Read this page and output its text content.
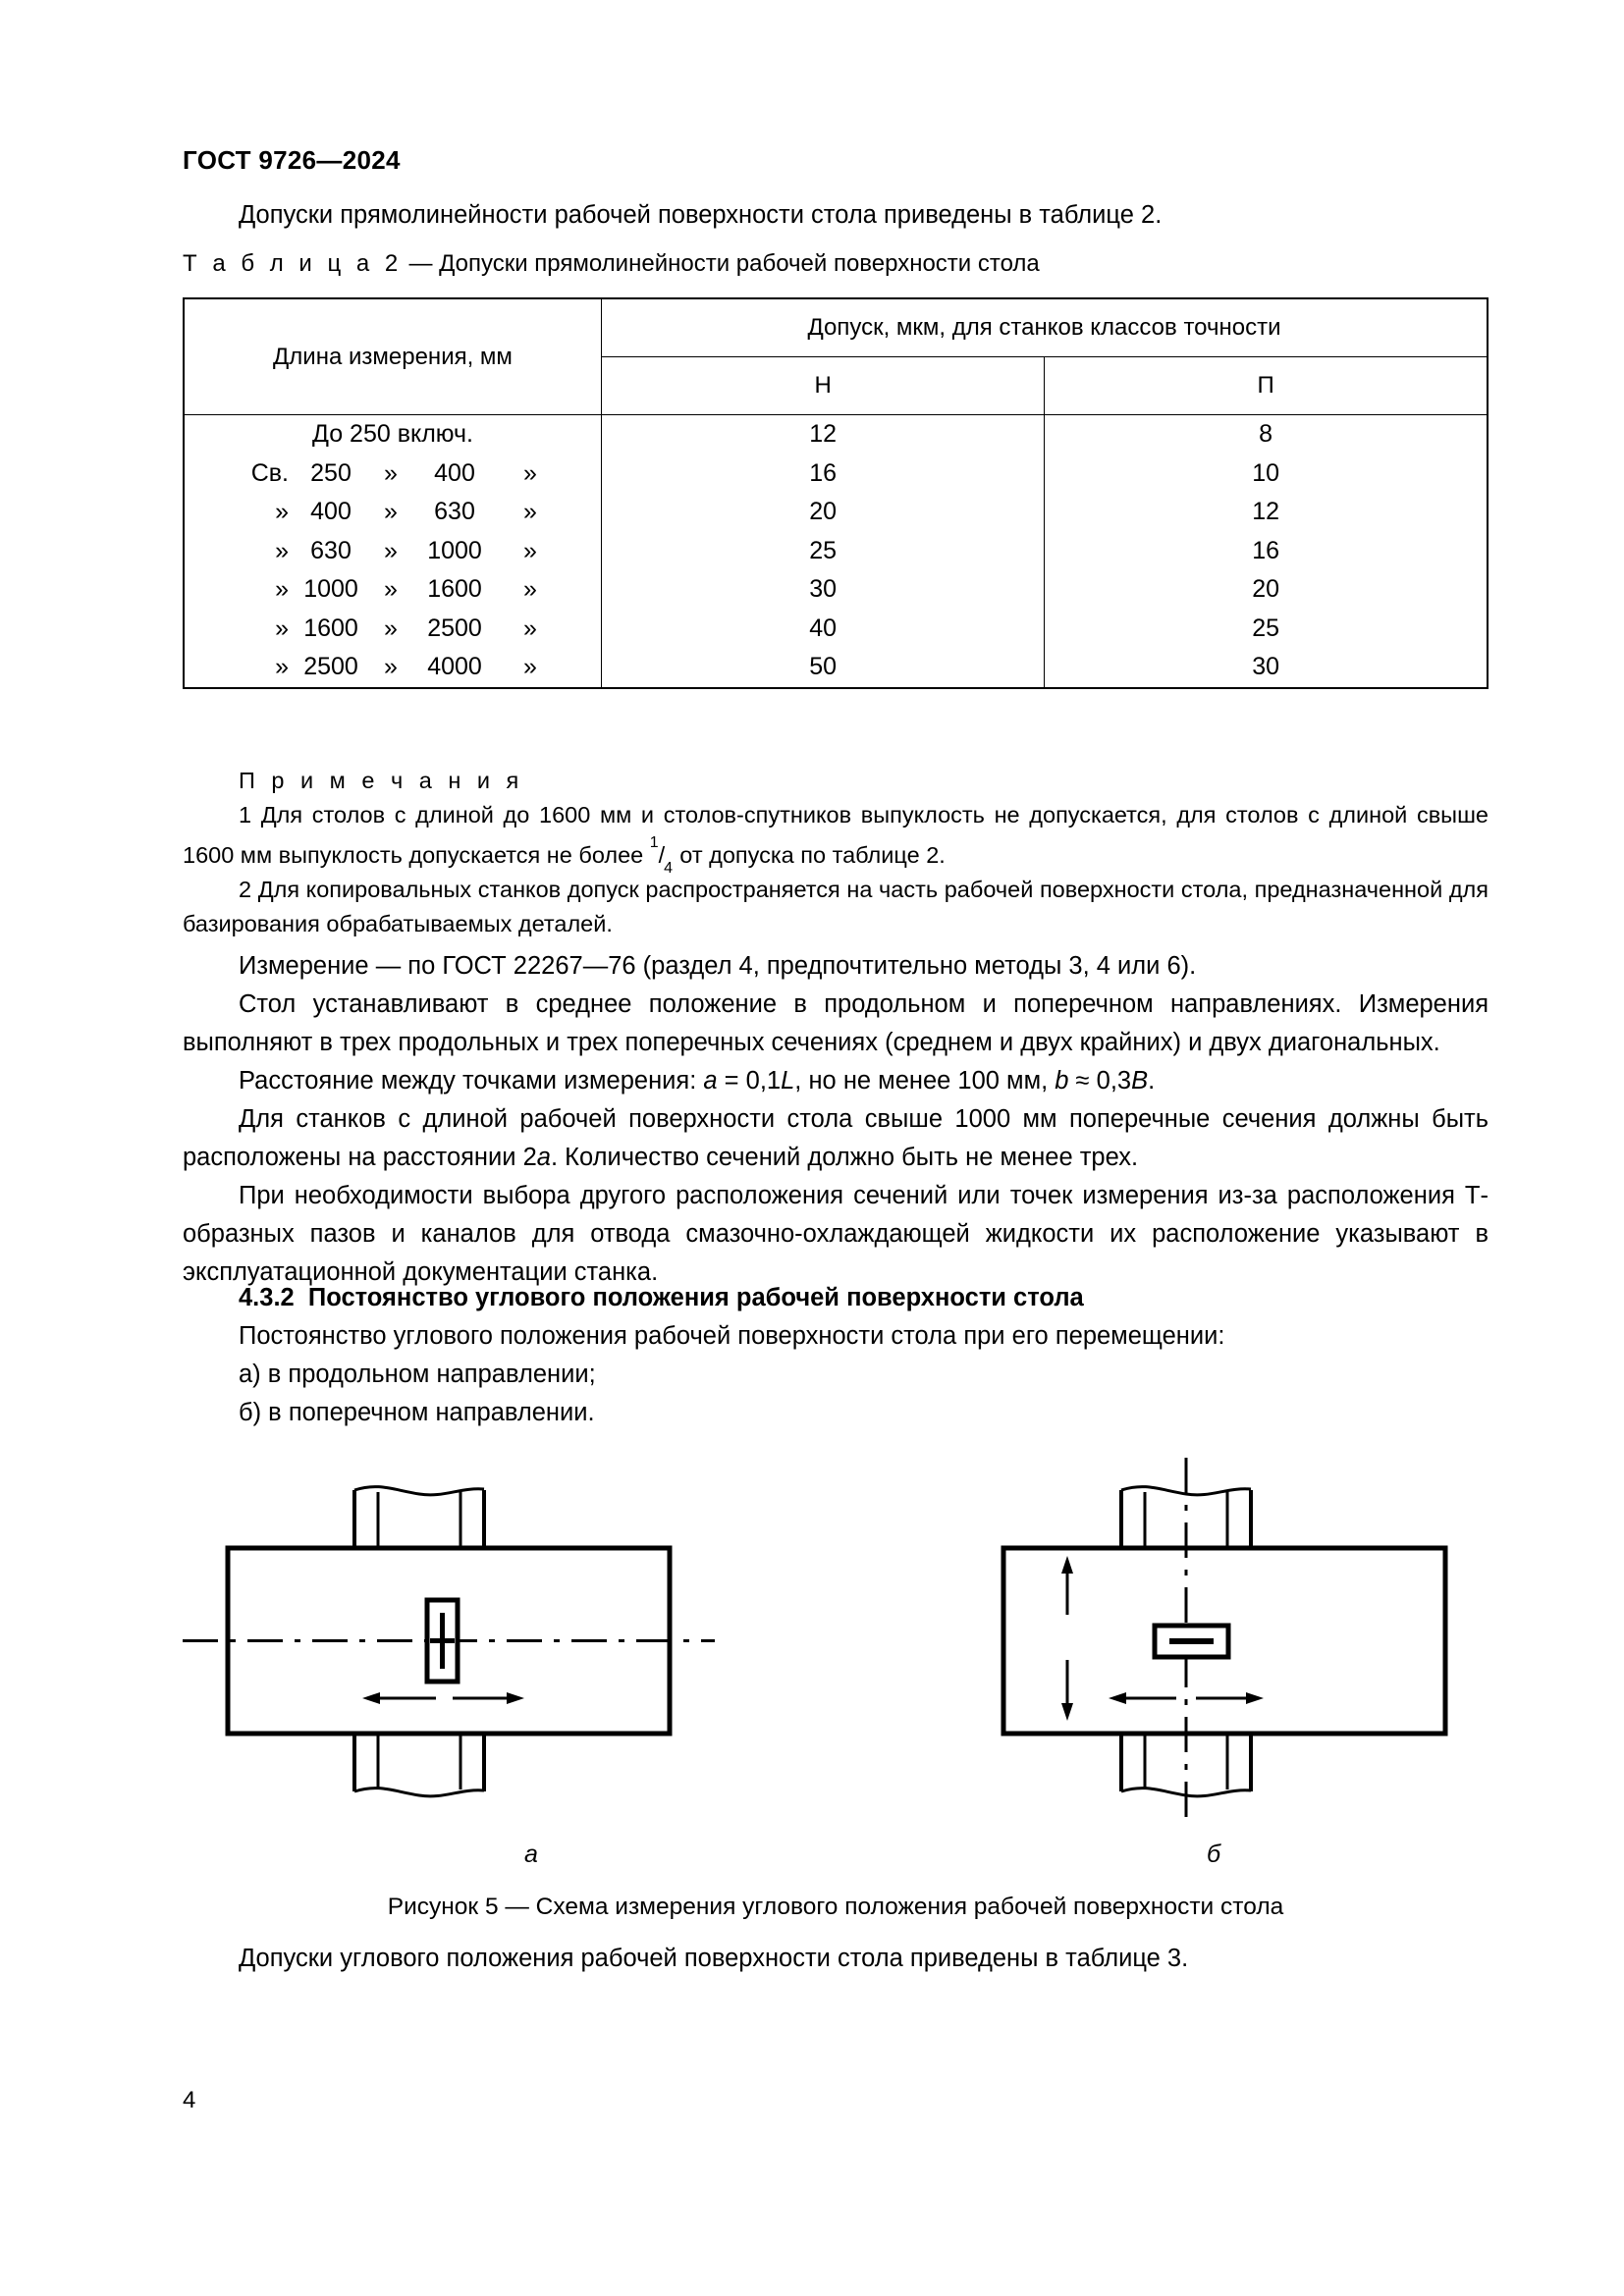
ГОСТ 9726—2024

Допуски прямолинейности рабочей поверхности стола приведены в таблице 2.

Т а б л и ц а 2 — Допуски прямолинейности рабочей поверхности стола

Длина измерения, мм	Допуск, мкм, для станков классов точности	
	Н	П

До 250 включ.	12	8

Св. 250 » 400 »	16	10

» 400 » 630 »	20	12

» 630 » 1000 »	25	16

» 1000 » 1600 »	30	20

» 1600 » 2500 »	40	25

» 2500 » 4000 »	50	30
П р и м е ч а н и я
1 Для столов с длиной до 1600 мм и столов-спутников выпуклость не допускается, для столов с длиной свыше 1600 мм выпуклость допускается не более $^1/_4$ от допуска по таблице 2.
2 Для копировальных станков допуск распространяется на часть рабочей поверхности стола, предназначенной для базирования обрабатываемых деталей.

Измерение — по ГОСТ 22267—76 (раздел 4, предпочтительно методы 3, 4 или 6).

Стол устанавливают в среднее положение в продольном и поперечном направлениях. Измерения выполняют в трех продольных и трех поперечных сечениях (среднем и двух крайних) и двух диагональных.

Расстояние между точками измерения: a = 0,1L, но не менее 100 мм, b ≈ 0,3B.

Для станков с длиной рабочей поверхности стола свыше 1000 мм поперечные сечения должны быть расположены на расстоянии 2a. Количество сечений должно быть не менее трех.

При необходимости выбора другого расположения сечений или точек измерения из-за расположения Т-образных пазов и каналов для отвода смазочно-охлаждающей жидкости их расположение указывают в эксплуатационной документации станка.

4.3.2 Постоянство углового положения рабочей поверхности стола

Постоянство углового положения рабочей поверхности стола при его перемещении:

а) в продольном направлении;

б) в поперечном направлении.

а	б
Рисунок 5 — Схема измерения углового положения рабочей поверхности стола

Допуски углового положения рабочей поверхности стола приведены в таблице 3.

4
